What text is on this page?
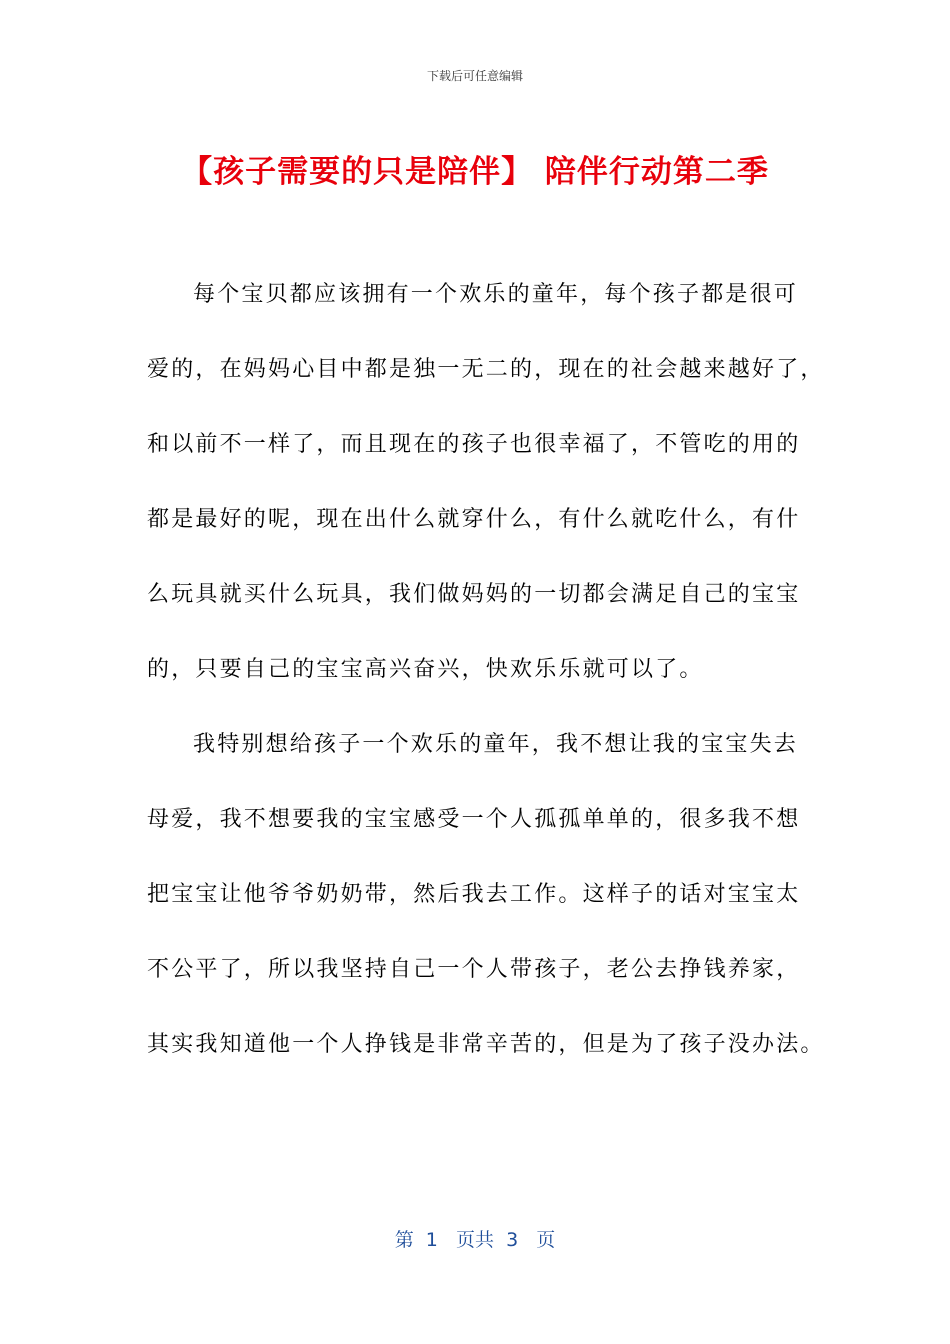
下载后可任意编辑
【孩子需要的只是陪伴】 陪伴行动第二季
每个宝贝都应该拥有一个欢乐的童年，每个孩子都是很可
爱的，在妈妈心目中都是独一无二的，现在的社会越来越好了，
和以前不一样了，而且现在的孩子也很幸福了，不管吃的用的
都是最好的呢，现在出什么就穿什么，有什么就吃什么，有什
么玩具就买什么玩具，我们做妈妈的一切都会满足自己的宝宝
的，只要自己的宝宝高兴奋兴，快欢乐乐就可以了。
我特别想给孩子一个欢乐的童年，我不想让我的宝宝失去
母爱，我不想要我的宝宝感受一个人孤孤单单的，很多我不想
把宝宝让他爷爷奶奶带，然后我去工作。这样子的话对宝宝太
不公平了，所以我坚持自己一个人带孩子，老公去挣钱养家，
其实我知道他一个人挣钱是非常辛苦的，但是为了孩子没办法。
第  1   页共  3   页
